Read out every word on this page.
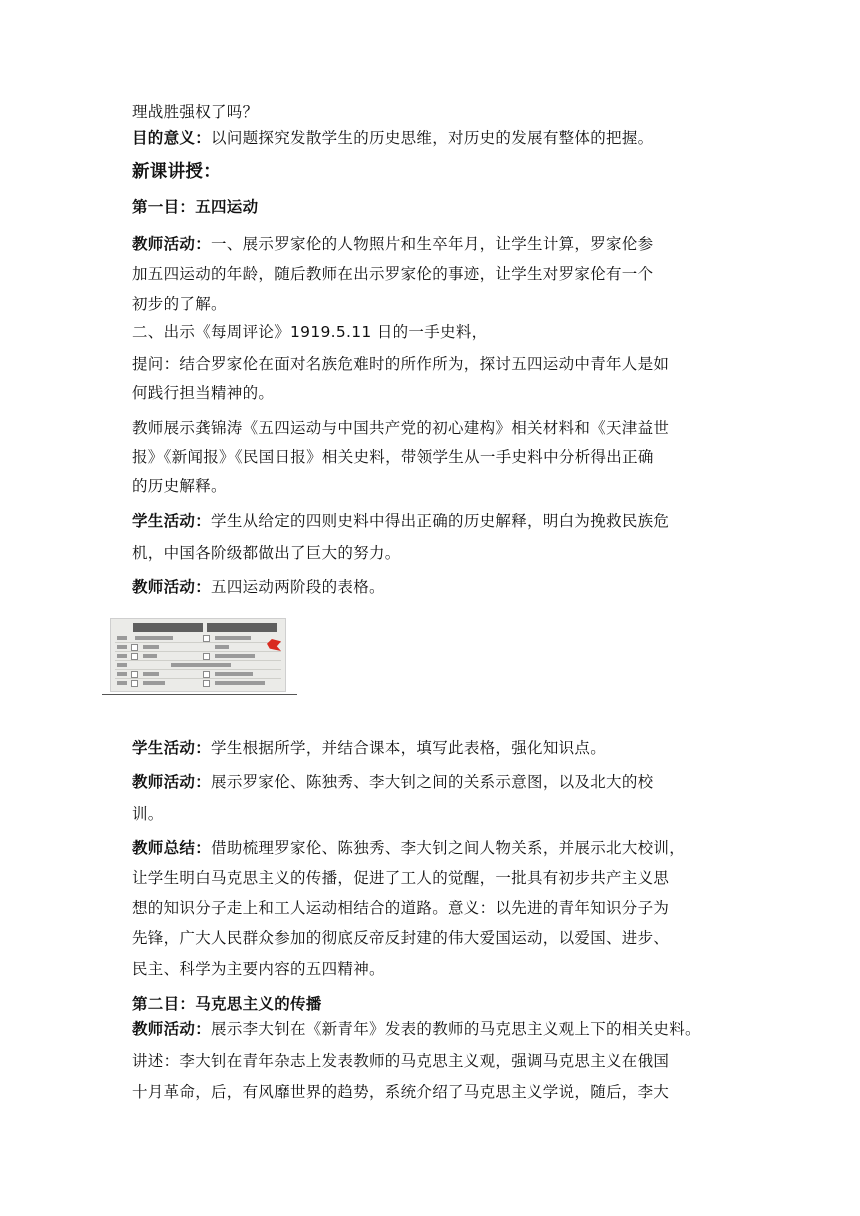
理战胜强权了吗？
目的意义：以问题探究发散学生的历史思维，对历史的发展有整体的把握。
新课讲授：
第一目：五四运动
教师活动：一、展示罗家伦的人物照片和生卒年月，让学生计算，罗家伦参
加五四运动的年龄，随后教师在出示罗家伦的事迹，让学生对罗家伦有一个
初步的了解。
二、出示《每周评论》1919.5.11 日的一手史料，
提问：结合罗家伦在面对名族危难时的所作所为，探讨五四运动中青年人是如
何践行担当精神的。
教师展示龚锦涛《五四运动与中国共产党的初心建构》相关材料和《天津益世
报》《新闻报》《民国日报》相关史料，带领学生从一手史料中分析得出正确
的历史解释。
学生活动：学生从给定的四则史料中得出正确的历史解释，明白为挽救民族危
机，中国各阶级都做出了巨大的努力。
教师活动：五四运动两阶段的表格。
学生活动：学生根据所学，并结合课本，填写此表格，强化知识点。
教师活动：展示罗家伦、陈独秀、李大钊之间的关系示意图，以及北大的校
训。
教师总结：借助梳理罗家伦、陈独秀、李大钊之间人物关系，并展示北大校训，
让学生明白马克思主义的传播，促进了工人的觉醒，一批具有初步共产主义思
想的知识分子走上和工人运动相结合的道路。意义：以先进的青年知识分子为
先锋，广大人民群众参加的彻底反帝反封建的伟大爱国运动，以爱国、进步、
民主、科学为主要内容的五四精神。
第二目：马克思主义的传播
教师活动：展示李大钊在《新青年》发表的教师的马克思主义观上下的相关史料。
讲述：李大钊在青年杂志上发表教师的马克思主义观，强调马克思主义在俄国
十月革命，后，有风靡世界的趋势，系统介绍了马克思主义学说，随后，李大
